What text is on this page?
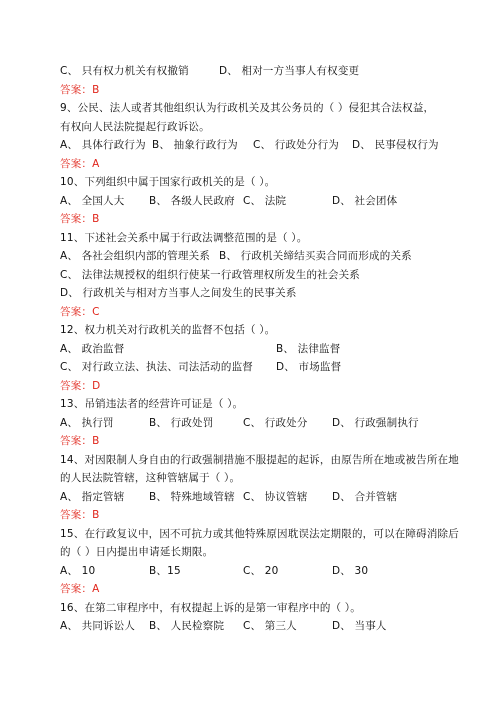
C、 只有权力机关有权撤销	D、 相对一方当事人有权变更
答案：B
9、公民、法人或者其他组织认为行政机关及其公务员的（ ）侵犯其合法权益，
有权向人民法院提起行政诉讼。
A、 具体行政行为 B、 抽象行政行为 C、 行政处分行为 D、 民事侵权行为
答案：A
10、下列组织中属于国家行政机关的是（ ）。
A、 全国人大 B、 各级人民政府 C、 法院	D、 社会团体
答案：B
11、下述社会关系中属于行政法调整范围的是（ ）。
A、 各社会组织内部的管理关系 B、 行政机关缔结买卖合同而形成的关系
C、 法律法规授权的组织行使某一行政管理权所发生的社会关系
D、 行政机关与相对方当事人之间发生的民事关系
答案：C
12、权力机关对行政机关的监督不包括（ ）。
A、 政治监督	B、 法律监督
C、 对行政立法、执法、司法活动的监督 D、 市场监督
答案：D
13、吊销违法者的经营许可证是（ ）。
A、 执行罚	B、 行政处罚	C、 行政处分 D、 行政强制执行
答案：B
14、对因限制人身自由的行政强制措施不服提起的起诉，由原告所在地或被告所在地
的人民法院管辖，这种管辖属于（ ）。
A、 指定管辖 B、 特殊地域管辖 C、 协议管辖 D、 合并管辖
答案：B
15、在行政复议中，因不可抗力或其他特殊原因耽误法定期限的，可以在障碍消除后
的（ ）日内提出申请延长期限。
A、 10	B、15	C、 20	D、 30
答案：A
16、在第二审程序中，有权提起上诉的是第一审程序中的（ ）。
A、 共同诉讼人 B、 人民检察院 C、 第三人	D、 当事人
